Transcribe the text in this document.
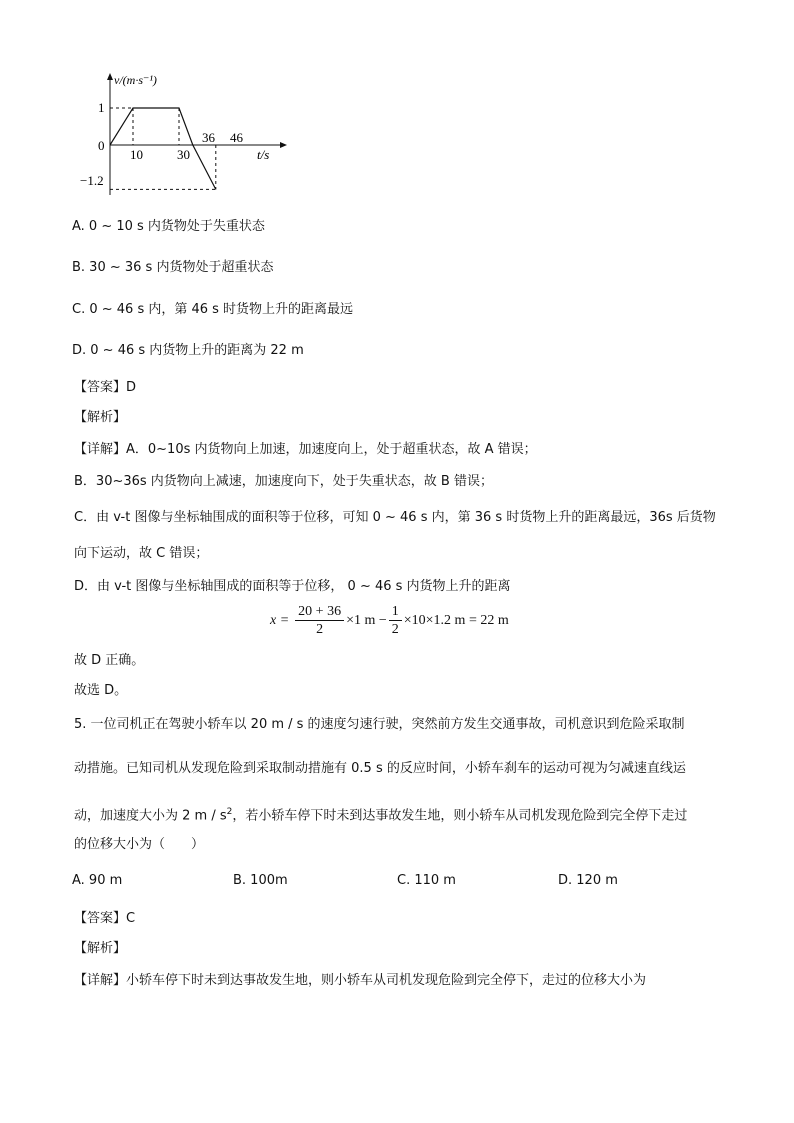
v/(m·s⁻¹)
1
0
−1.2
10	30
36 46
t/s
A. 0 ~ 10 s 内货物处于失重状态
B. 30 ~ 36 s 内货物处于超重状态
C. 0 ~ 46 s 内，第 46 s 时货物上升的距离最远
D. 0 ~ 46 s 内货物上升的距离为 22 m
【答案】D
【解析】
【详解】A．0~10s 内货物向上加速，加速度向上，处于超重状态，故 A 错误；
B．30~36s 内货物向上减速，加速度向下，处于失重状态，故 B 错误；
C．由 v-t 图像与坐标轴围成的面积等于位移，可知 0 ~ 46 s 内，第 36 s 时货物上升的距离最远，36s 后货物
向下运动，故 C 错误；
D．由 v-t 图像与坐标轴围成的面积等于位移， 0 ~ 46 s 内货物上升的距离
$x = \frac{20 + 36}{2} \times 1$ $m - \frac{1}{2} \times 10\times 1.2$ m = 22 m
故 D 正确。
故选 D。
5. 一位司机正在驾驶小轿车以 20 m / s 的速度匀速行驶，突然前方发生交通事故，司机意识到危险采取制
动措施。已知司机从发现危险到采取制动措施有 0.5 s 的反应时间，小轿车刹车的运动可视为匀减速直线运
动，加速度大小为 2 m / $s^2$，若小轿车停下时未到达事故发生地，则小轿车从司机发现危险到完全停下走过
的位移大小为（　　）
A. 90 m	B. 100m	C. 110 m	D. 120 m
【答案】C
【解析】
【详解】小轿车停下时未到达事故发生地，则小轿车从司机发现危险到完全停下，走过的位移大小为
